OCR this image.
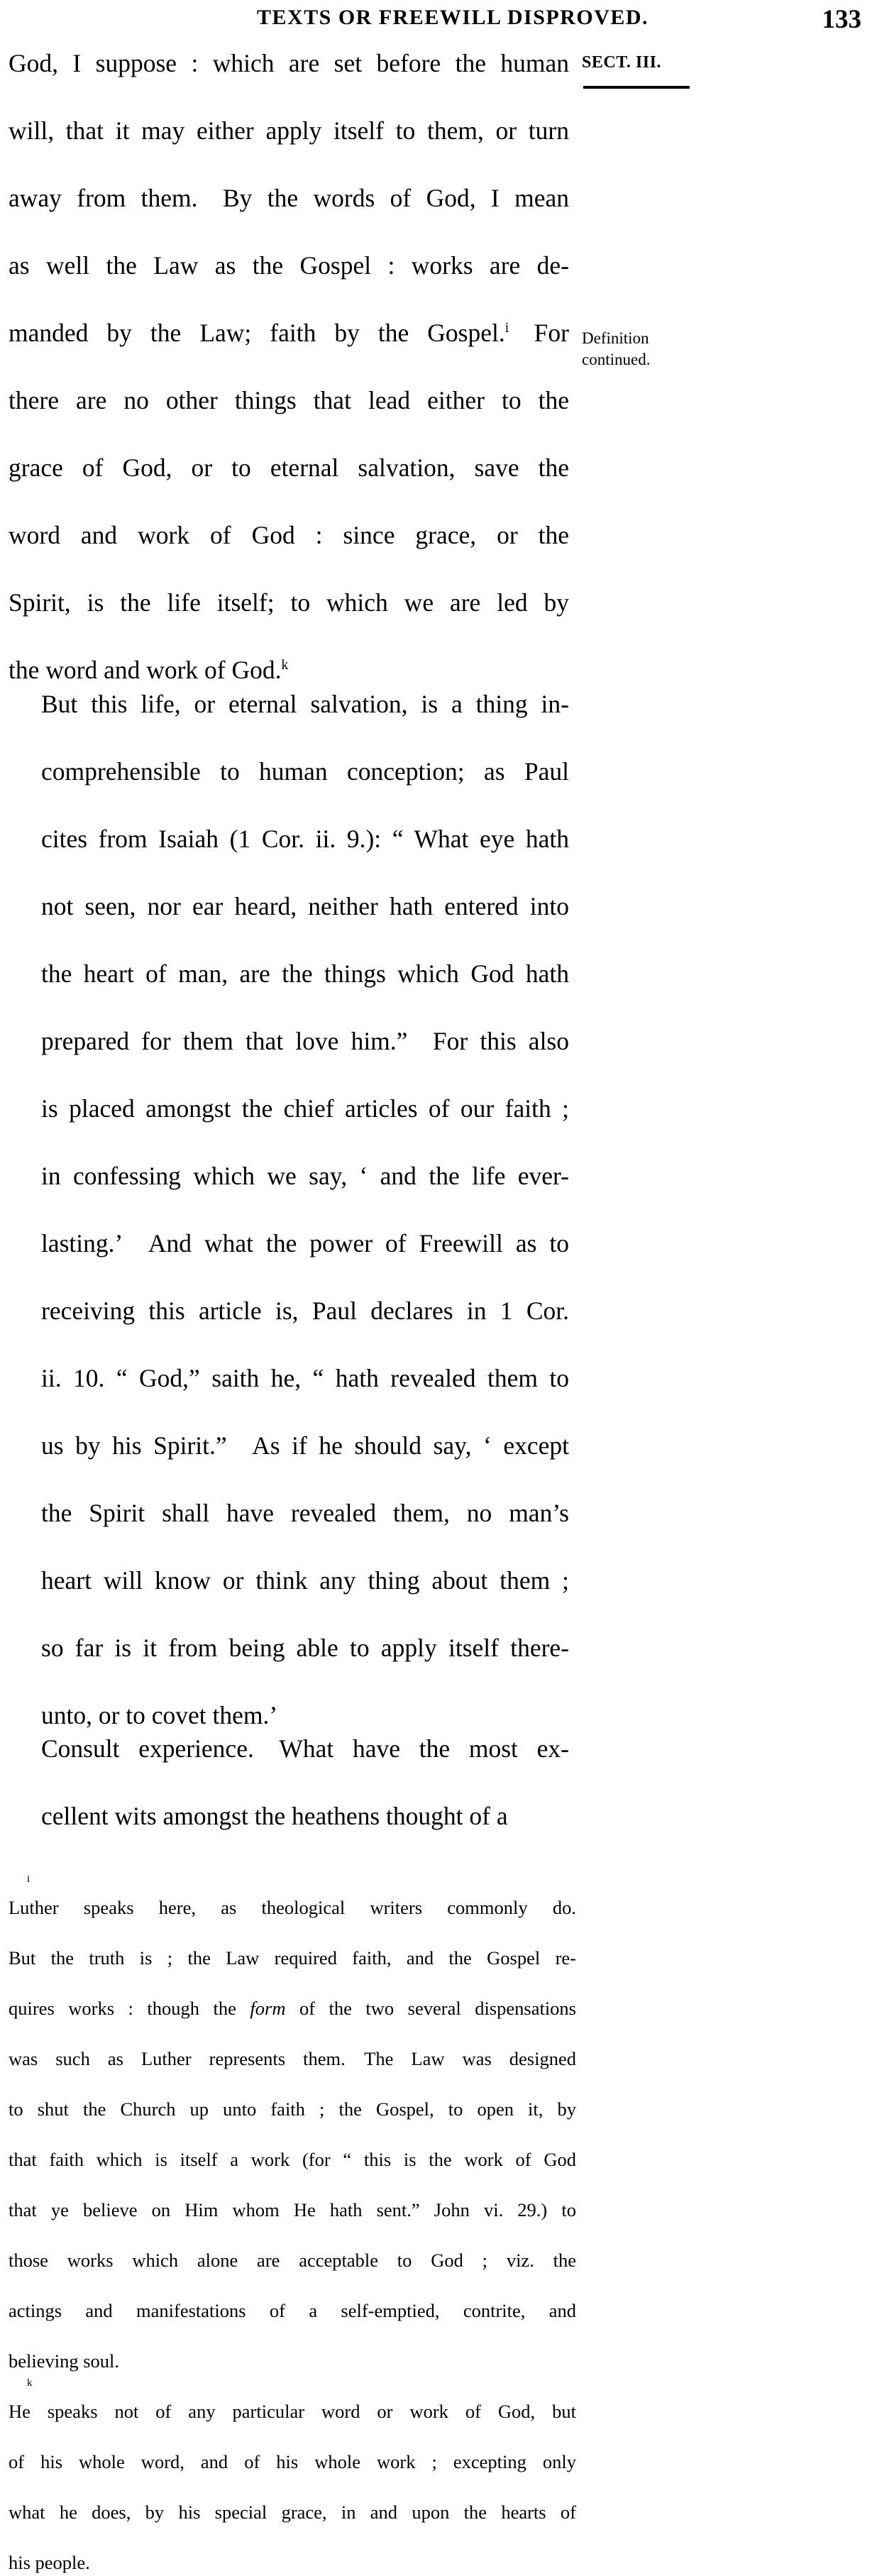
TEXTS OR FREEWILL DISPROVED.	133
SECT. III.
Definition
continued.

God, I suppose : which are set before the human
will, that it may either apply itself to them, or turn
away from them. By the words of God, I mean
as well the Law as the Gospel : works are de-
manded by the Law; faith by the Gospel.$^i$ For
there are no other things that lead either to the
grace of God, or to eternal salvation, save the
word and work of God : since grace, or the
Spirit, is the life itself; to which we are led by
the word and work of God.$^k$

But this life, or eternal salvation, is a thing in-
comprehensible to human conception; as Paul
cites from Isaiah (1 Cor. ii. 9.): “ What eye hath
not seen, nor ear heard, neither hath entered into
the heart of man, are the things which God hath
prepared for them that love him.” For this also
is placed amongst the chief articles of our faith ;
in confessing which we say, ‘ and the life ever-
lasting.’ And what the power of Freewill as to
receiving this article is, Paul declares in 1 Cor.
ii. 10. “ God,” saith he, “ hath revealed them to
us by his Spirit.” As if he should say, ‘ except
the Spirit shall have revealed them, no man’s
heart will know or think any thing about them ;
so far is it from being able to apply itself there-
unto, or to covet them.’

Consult experience. What have the most ex-
cellent wits amongst the heathens thought of a

$^i$
Luther speaks here, as theological writers commonly do.
But the truth is ; the Law required faith, and the Gospel re-
quires works : though the form of the two several dispensations
was such as Luther represents them. The Law was designed
to shut the Church up unto faith ; the Gospel, to open it, by
that faith which is itself a work (for “ this is the work of God
that ye believe on Him whom He hath sent.” John vi. 29.) to
those works which alone are acceptable to God ; viz. the
actings and manifestations of a self-emptied, contrite, and
believing soul.

$^k$
He speaks not of any particular word or work of God, but
of his whole word, and of his whole work ; excepting only
what he does, by his special grace, in and upon the hearts of
his people.
